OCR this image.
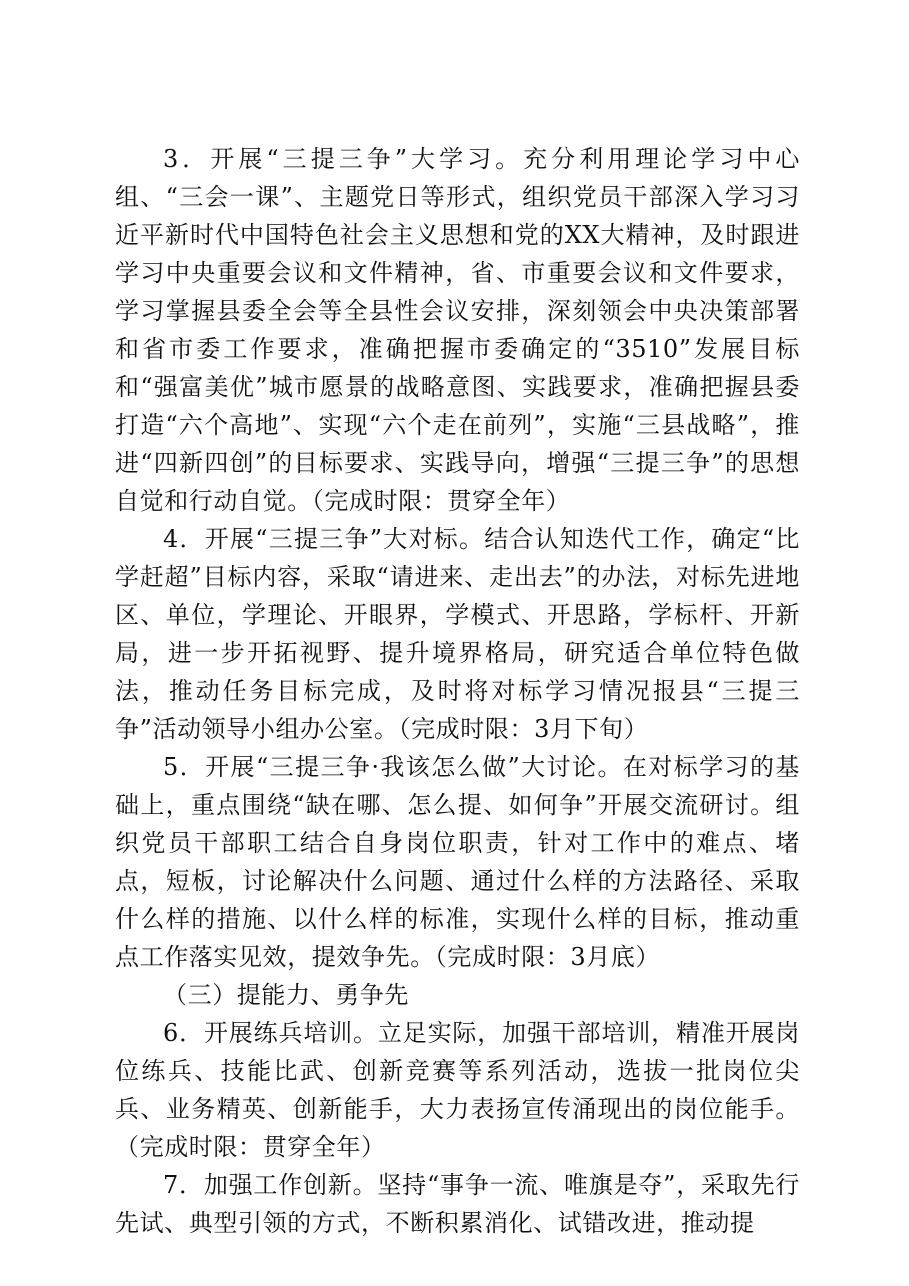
3．开展“三提三争”大学习。充分利用理论学习中心组、“三会一课”、主题党日等形式，组织党员干部深入学习习近平新时代中国特色社会主义思想和党的XX大精神，及时跟进学习中央重要会议和文件精神，省、市重要会议和文件要求，学习掌握县委全会等全县性会议安排，深刻领会中央决策部署和省市委工作要求，准确把握市委确定的“3510”发展目标和“强富美优”城市愿景的战略意图、实践要求，准确把握县委打造“六个高地”、实现“六个走在前列”，实施“三县战略”，推进“四新四创”的目标要求、实践导向，增强“三提三争”的思想自觉和行动自觉。（完成时限：贯穿全年）

4．开展“三提三争”大对标。结合认知迭代工作，确定“比学赶超”目标内容，采取“请进来、走出去”的办法，对标先进地区、单位，学理论、开眼界，学模式、开思路，学标杆、开新局，进一步开拓视野、提升境界格局，研究适合单位特色做法，推动任务目标完成，及时将对标学习情况报县“三提三争”活动领导小组办公室。（完成时限：3月下旬）

5．开展“三提三争·我该怎么做”大讨论。在对标学习的基础上，重点围绕“缺在哪、怎么提、如何争”开展交流研讨。组织党员干部职工结合自身岗位职责，针对工作中的难点、堵点，短板，讨论解决什么问题、通过什么样的方法路径、采取什么样的措施、以什么样的标准，实现什么样的目标，推动重点工作落实见效，提效争先。（完成时限：3月底）

（三）提能力、勇争先

6．开展练兵培训。立足实际，加强干部培训，精准开展岗位练兵、技能比武、创新竞赛等系列活动，选拔一批岗位尖兵、业务精英、创新能手，大力表扬宣传涌现出的岗位能手。（完成时限：贯穿全年）

7．加强工作创新。坚持“事争一流、唯旗是夺”，采取先行先试、典型引领的方式，不断积累消化、试错改进，推动提
